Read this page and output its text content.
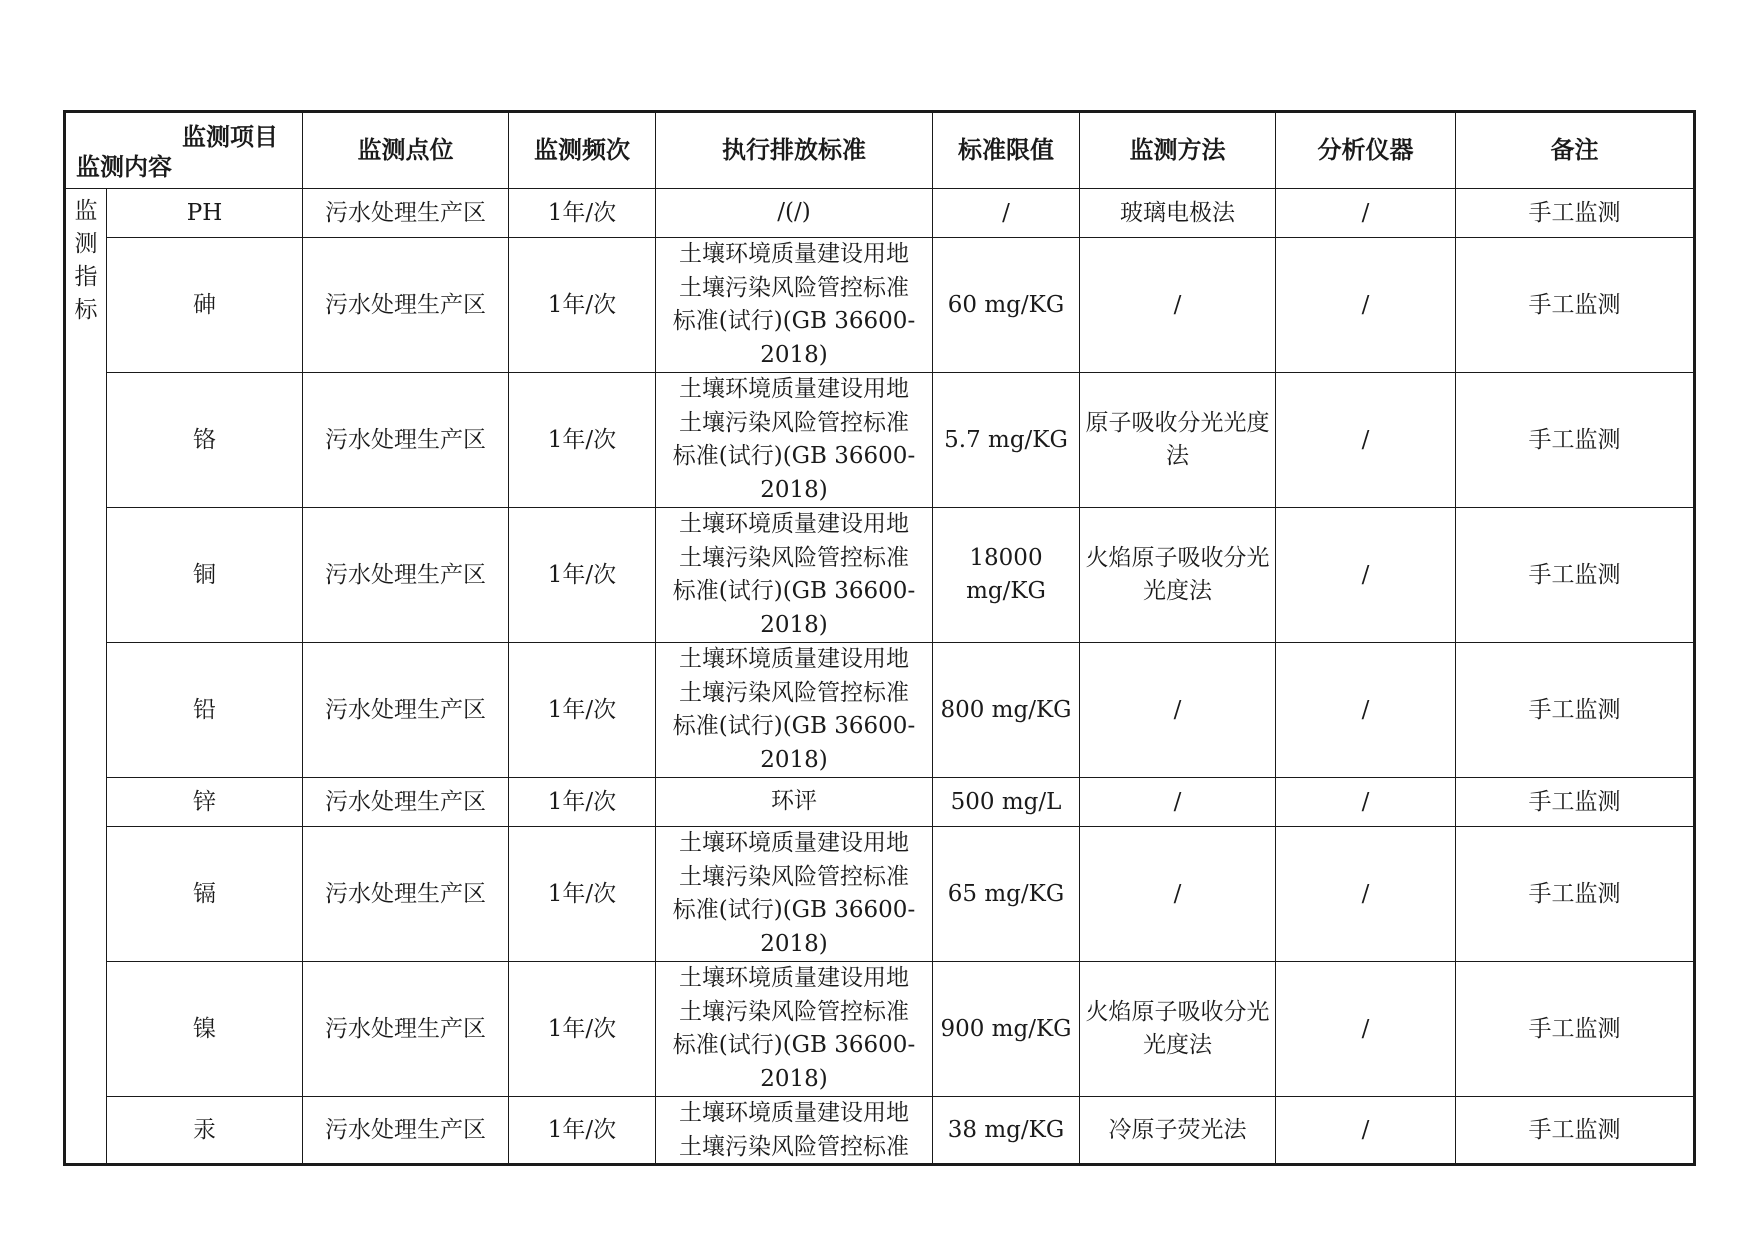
监测项目
监测内容		监测点位	监测频次	执行排放标准	标准限值	监测方法	分析仪器	备注

监测指标	PH	污水处理生产区	1年/次	/(/)	/	玻璃电极法	/	手工监测
	砷	污水处理生产区	1年/次	土壤环境质量建设用地土壤污染风险管控标准标准(试行)(GB 36600-2018)	60 mg/KG	/	/	手工监测
	铬	污水处理生产区	1年/次	土壤环境质量建设用地土壤污染风险管控标准标准(试行)(GB 36600-2018)	5.7 mg/KG	原子吸收分光光度法	/	手工监测
	铜	污水处理生产区	1年/次	土壤环境质量建设用地土壤污染风险管控标准标准(试行)(GB 36600-2018)	18000 mg/KG	火焰原子吸收分光光度法	/	手工监测
	铅	污水处理生产区	1年/次	土壤环境质量建设用地土壤污染风险管控标准标准(试行)(GB 36600-2018)	800 mg/KG	/	/	手工监测
	锌	污水处理生产区	1年/次	环评	500 mg/L	/	/	手工监测
	镉	污水处理生产区	1年/次	土壤环境质量建设用地土壤污染风险管控标准标准(试行)(GB 36600-2018)	65 mg/KG	/	/	手工监测
	镍	污水处理生产区	1年/次	土壤环境质量建设用地土壤污染风险管控标准标准(试行)(GB 36600-2018)	900 mg/KG	火焰原子吸收分光光度法	/	手工监测
	汞	污水处理生产区	1年/次	土壤环境质量建设用地土壤污染风险管控标准	38 mg/KG	冷原子荧光法	/	手工监测
